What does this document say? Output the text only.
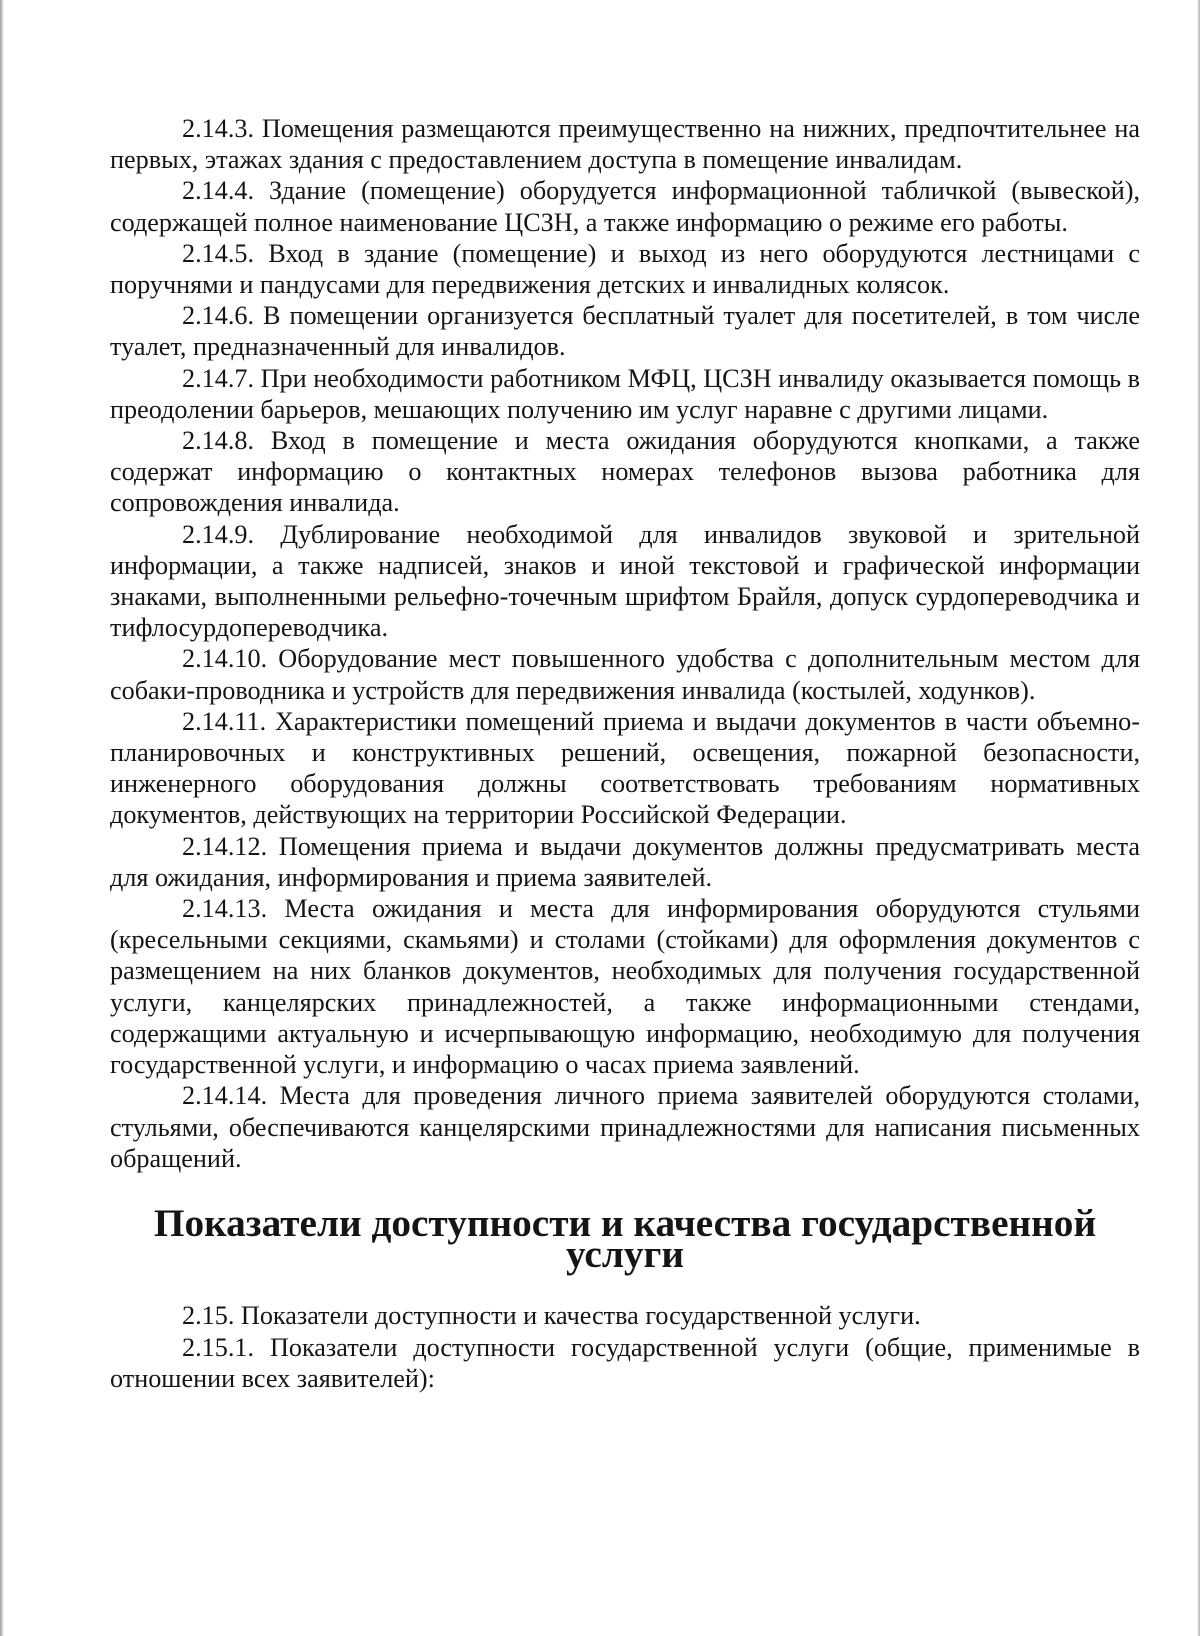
2.14.3. Помещения размещаются преимущественно на нижних, предпочтительнее на первых, этажах здания с предоставлением доступа в помещение инвалидам.

2.14.4. Здание (помещение) оборудуется информационной табличкой (вывеской), содержащей полное наименование ЦСЗН, а также информацию о режиме его работы.

2.14.5. Вход в здание (помещение) и выход из него оборудуются лестницами с поручнями и пандусами для передвижения детских и инвалидных колясок.

2.14.6. В помещении организуется бесплатный туалет для посетителей, в том числе туалет, предназначенный для инвалидов.

2.14.7. При необходимости работником МФЦ, ЦСЗН инвалиду оказывается помощь в преодолении барьеров, мешающих получению им услуг наравне с другими лицами.

2.14.8. Вход в помещение и места ожидания оборудуются кнопками, а также содержат информацию о контактных номерах телефонов вызова работника для сопровождения инвалида.

2.14.9. Дублирование необходимой для инвалидов звуковой и зрительной информации, а также надписей, знаков и иной текстовой и графической информации знаками, выполненными рельефно-точечным шрифтом Брайля, допуск сурдопереводчика и тифлосурдопереводчика.

2.14.10. Оборудование мест повышенного удобства с дополнительным местом для собаки-проводника и устройств для передвижения инвалида (костылей, ходунков).

2.14.11. Характеристики помещений приема и выдачи документов в части объемно-планировочных и конструктивных решений, освещения, пожарной безопасности, инженерного оборудования должны соответствовать требованиям нормативных документов, действующих на территории Российской Федерации.

2.14.12. Помещения приема и выдачи документов должны предусматривать места для ожидания, информирования и приема заявителей.

2.14.13. Места ожидания и места для информирования оборудуются стульями (кресельными секциями, скамьями) и столами (стойками) для оформления документов с размещением на них бланков документов, необходимых для получения государственной услуги, канцелярских принадлежностей, а также информационными стендами, содержащими актуальную и исчерпывающую информацию, необходимую для получения государственной услуги, и информацию о часах приема заявлений.

2.14.14. Места для проведения личного приема заявителей оборудуются столами, стульями, обеспечиваются канцелярскими принадлежностями для написания письменных обращений.

Показатели доступности и качества государственной услуги

2.15. Показатели доступности и качества государственной услуги.

2.15.1. Показатели доступности государственной услуги (общие, применимые в отношении всех заявителей):
